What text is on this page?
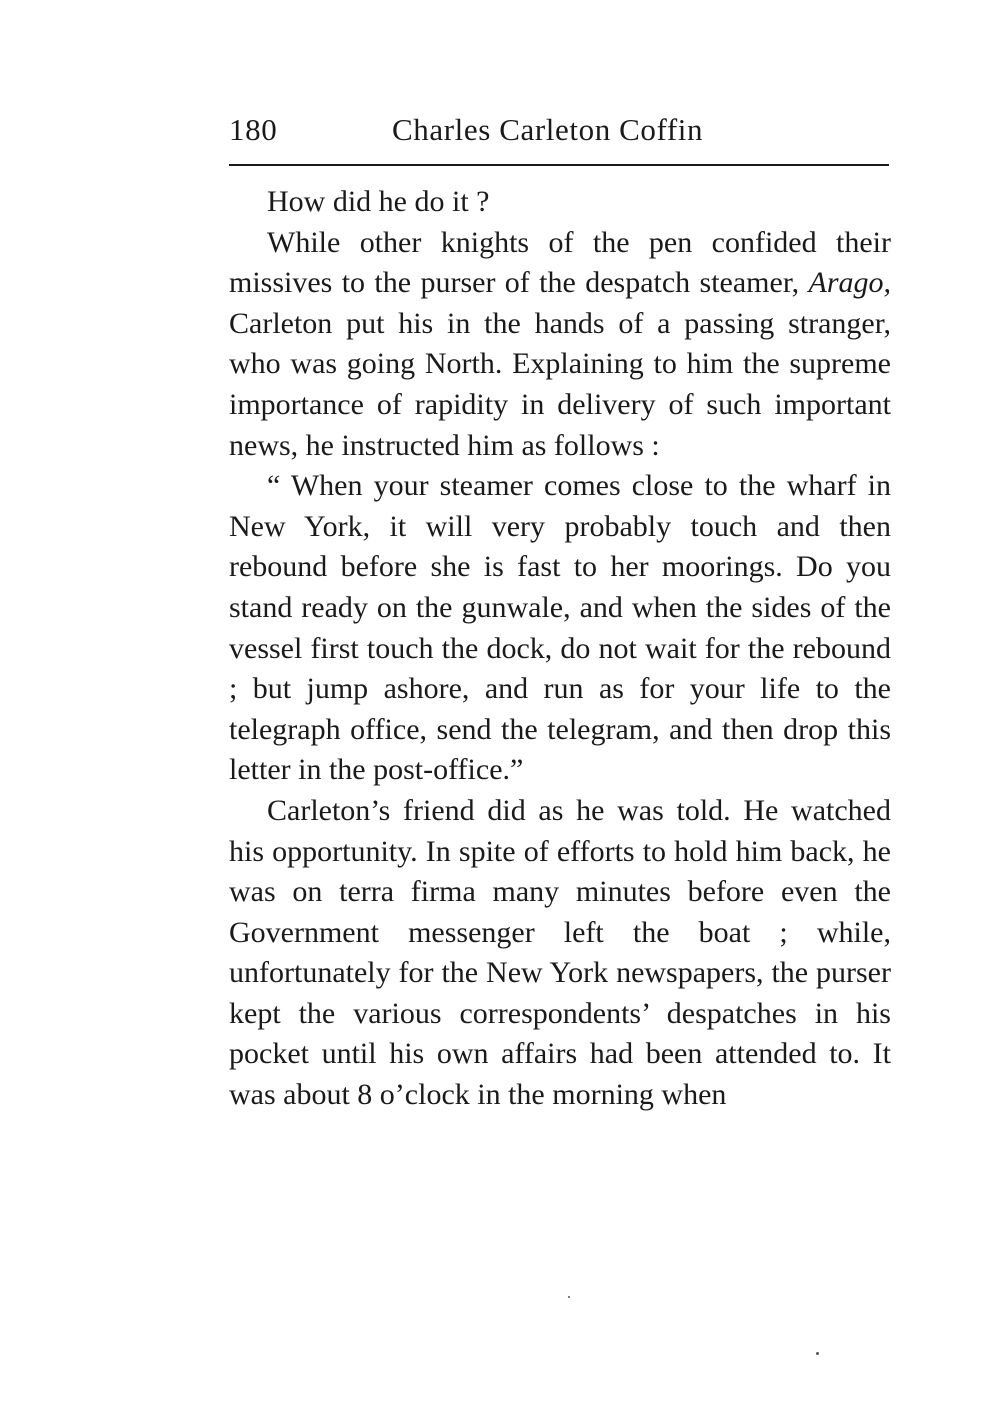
180	Charles Carleton Coffin

How did he do it ?

While other knights of the pen confided their missives to the purser of the despatch steamer, Arago, Carleton put his in the hands of a passing stranger, who was going North. Explaining to him the supreme importance of rapidity in delivery of such important news, he instructed him as follows :

“ When your steamer comes close to the wharf in New York, it will very probably touch and then rebound before she is fast to her moorings. Do you stand ready on the gunwale, and when the sides of the vessel first touch the dock, do not wait for the rebound ; but jump ashore, and run as for your life to the telegraph office, send the telegram, and then drop this letter in the post-office.”

Carleton’s friend did as he was told. He watched his opportunity. In spite of efforts to hold him back, he was on terra firma many minutes before even the Government messenger left the boat ; while, unfortunately for the New York newspapers, the purser kept the various correspondents’ despatches in his pocket until his own affairs had been attended to. It was about 8 o’clock in the morning when
